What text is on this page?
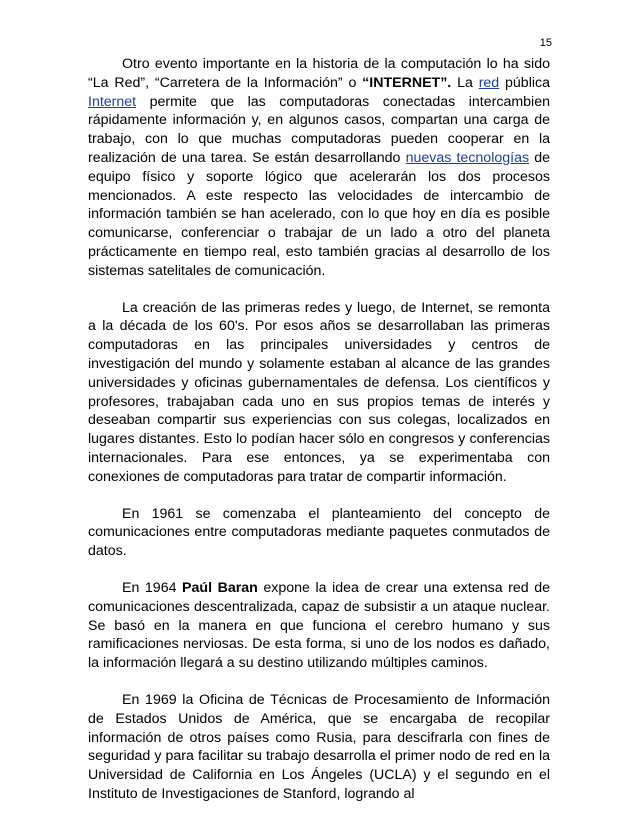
15

Otro evento importante en la historia de la computación lo ha sido “La Red”, “Carretera de la Información” o “INTERNET”. La red pública Internet permite que las computadoras conectadas intercambien rápidamente información y, en algunos casos, compartan una carga de trabajo, con lo que muchas computadoras pueden cooperar en la realización de una tarea. Se están desarrollando nuevas tecnologías de equipo físico y soporte lógico que acelerarán los dos procesos mencionados. A este respecto las velocidades de intercambio de información también se han acelerado, con lo que hoy en día es posible comunicarse, conferenciar o trabajar de un lado a otro del planeta prácticamente en tiempo real, esto también gracias al desarrollo de los sistemas satelitales de comunicación.

La creación de las primeras redes y luego, de Internet, se remonta a la década de los 60's. Por esos años se desarrollaban las primeras computadoras en las principales universidades y centros de investigación del mundo y solamente estaban al alcance de las grandes universidades y oficinas gubernamentales de defensa. Los científicos y profesores, trabajaban cada uno en sus propios temas de interés y deseaban compartir sus experiencias con sus colegas, localizados en lugares distantes. Esto lo podían hacer sólo en congresos y conferencias internacionales. Para ese entonces, ya se experimentaba con conexiones de computadoras para tratar de compartir información.

En 1961 se comenzaba el planteamiento del concepto de comunicaciones entre computadoras mediante paquetes conmutados de datos.

En 1964 Paúl Baran expone la idea de crear una extensa red de comunicaciones descentralizada, capaz de subsistir a un ataque nuclear. Se basó en la manera en que funciona el cerebro humano y sus ramificaciones nerviosas. De esta forma, si uno de los nodos es dañado, la información llegará a su destino utilizando múltiples caminos.

En 1969 la Oficina de Técnicas de Procesamiento de Información de Estados Unidos de América, que se encargaba de recopilar información de otros países como Rusia, para descifrarla con fines de seguridad y para facilitar su trabajo desarrolla el primer nodo de red en la Universidad de California en Los Ángeles (UCLA) y el segundo en el Instituto de Investigaciones de Stanford, logrando al
